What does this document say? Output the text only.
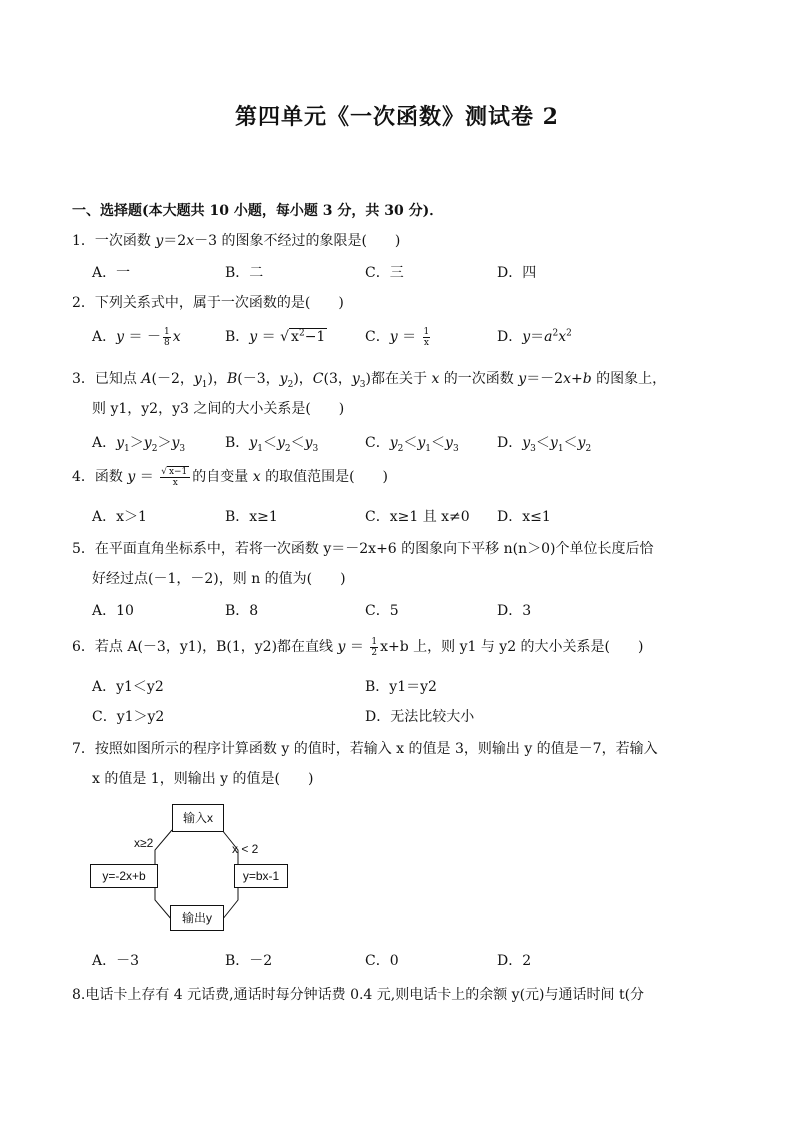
第四单元《一次函数》测试卷 2
一、选择题(本大题共 10 小题，每小题 3 分，共 30 分)．
1．一次函数 y＝2x－3 的图象不经过的象限是(　　)
A．一	B．二	C．三	D．四
2．下列关系式中，属于一次函数的是(　　)
A．y ＝ － $\frac{1}{8}$ x	B．y ＝ √ $x^2-1$	C．$y = \frac{1}{x}$	D．$y=a^2x^2$
3．已知点 A(－2，$y_1$)，B(－3，$y_2$)，C(3，$y_3$)都在关于 x 的一次函数 y＝－2x+b 的图象上，
则 y1，y2，y3 之间的大小关系是(　　)
A．$y_1>y_2>y_3$	B．$y_1<y_2<y_3$	C．$y_2<y_1<y_3$	D．$y_3<y_1<y_2$
4．函数 $y = \frac{√ x-1}{x}$ 的自变量 x 的取值范围是(　　)
A．x＞1	B．x≥1	C．x≥1 且 x≠0 D．x≤1
5．在平面直角坐标系中，若将一次函数 y＝－2x+6 的图象向下平移 n(n＞0)个单位长度后恰
好经过点(－1，－2)，则 n 的值为(　　)
A．10	B．8	C．5	D．3
6．若点 A(－3，y1)，B(1，y2)都在直线 $y = \frac{1}{2} x+b$ 上，则 y1 与 y2 的大小关系是(　　)
A．y1＜y2	B．y1＝y2
C．y1＞y2	D．无法比较大小
7．按照如图所示的程序计算函数 y 的值时，若输入 x 的值是 3，则输出 y 的值是－7，若输入
x 的值是 1，则输出 y 的值是(　　)
输入x
输出y
y=-2x+b	y=bx-1
x≥2	x < 2
A．－3	B．－2	C．0	D．2
8.电话卡上存有 4 元话费,通话时每分钟话费 0.4 元,则电话卡上的余额 y(元)与通话时间 t(分
